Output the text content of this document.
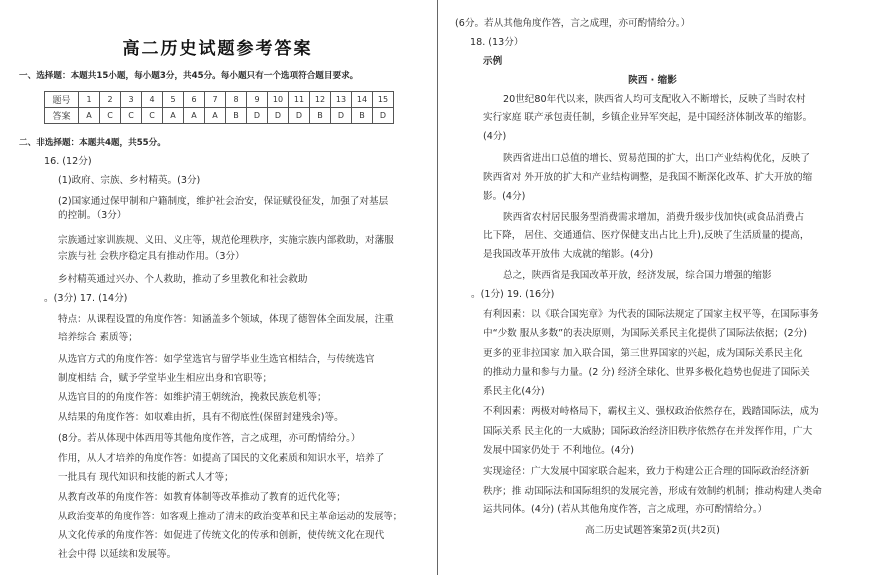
高二历史试题参考答案
一、选择题：本题共15小题，每小题3分，共45分。每小题只有一个选项符合题目要求。
题号	1	2	3	4	5	6	7	8	9	10	11	12	13	14	15
答案	A	C	C	C	A	A	A	B	D	D	D	B	D	B	D
二、非选择题：本题共4题，共55分。
16. (12分)
(1)政府、宗族、乡村精英。(3分)
(2)国家通过保甲制和户籍制度，维护社会治安，保证赋役征发，加强了对基层
的控制。（3分）
宗族通过家训族规、义田、义庄等，规范伦理秩序，实施宗族内部救助，对藩服
宗族与社 会秩序稳定具有推动作用。（3分）
乡村精英通过兴办、个人救助，推动了乡里教化和社会救助
。(3分) 17. (14分)
特点：从课程设置的角度作答：知涵盖多个领域，体现了德智体全面发展，注重
培养综合 素质等；
从选官方式的角度作答：如学堂选官与留学毕业生选官相结合，与传统选官
制度相结 合，赋予学堂毕业生相应出身和官职等；
从选官目的的角度作答：如维护清王朝统治，挽救民族危机等；
从结果的角度作答：如収难由折，具有不彻底性(保留封建残余)等。
(8分。若从体现中体西用等其他角度作答，言之成理，亦可酌情给分。）
作用，从人才培养的角度作答：如提高了国民的文化素质和知识水平，培养了
一批具有 现代知识和技能的新式人才等；
从教育改革的角度作答：如教育体制等改革推动了教育的近代化等；
从政治变革的角度作答：如客观上推动了清末的政治变革和民主革命运动的发展等；
从文化传承的角度作答：如促进了传统文化的传承和创新，使传统文化在现代
社会中得 以延续和发展等。
(6分。若从其他角度作答，言之成理，亦可酌情给分。）
18. (13分）
示例
陕西 · 缩影
20世纪80年代以来，陕西省人均可支配收入不断增长，反映了当时农村
实行家庭 联产承包责任制，乡镇企业异军突起，是中国经济体制改革的缩影。
(4分)
陕西省进出口总值的增长、贸易范围的扩大，出口产业结构优化，反映了
陕西省对 外开放的扩大和产业结构调整，是我国不断深化改革、扩大开放的缩
影。(4分)
陕西省农村居民服务型消费需求增加，消费升级步伐加快(或食品消费占
比下降， 居住、交通通信、医疗保健支出占比上升),反映了生活质量的提高，
是我国改革开放伟 大成就的缩影。(4分)
总之，陕西省是我国改革开放，经济发展，综合国力增强的缩影
。(1分) 19. (16分)
有利因素：以《联合国宪章》为代表的国际法规定了国家主权平等，在国际事务
中“少数 服从多数”的表决原则，为国际关系民主化提供了国际法依据；(2分)
更多的亚非拉国家 加入联合国，第三世界国家的兴起，成为国际关系民主化
的推动力量和参与力量。(2 分) 经济全球化、世界多极化趋势也促进了国际关
系民主化(4分)
不利因素：两极对峙格局下，霸权主义、强权政治依然存在，践踏国际法，成为
国际关系 民主化的一大威胁；国际政治经济旧秩序依然存在并发挥作用，广大
发展中国家仍处于 不利地位。(4分)
实现途径：广大发展中国家联合起来，致力于构建公正合理的国际政治经济新
秩序；推 动国际法和国际组织的发展完善，形成有效制约机制；推动构建人类命
运共同体。(4分) (若从其他角度作答，言之成理，亦可酌情给分。）
高二历史试题答案第2页(共2页)
